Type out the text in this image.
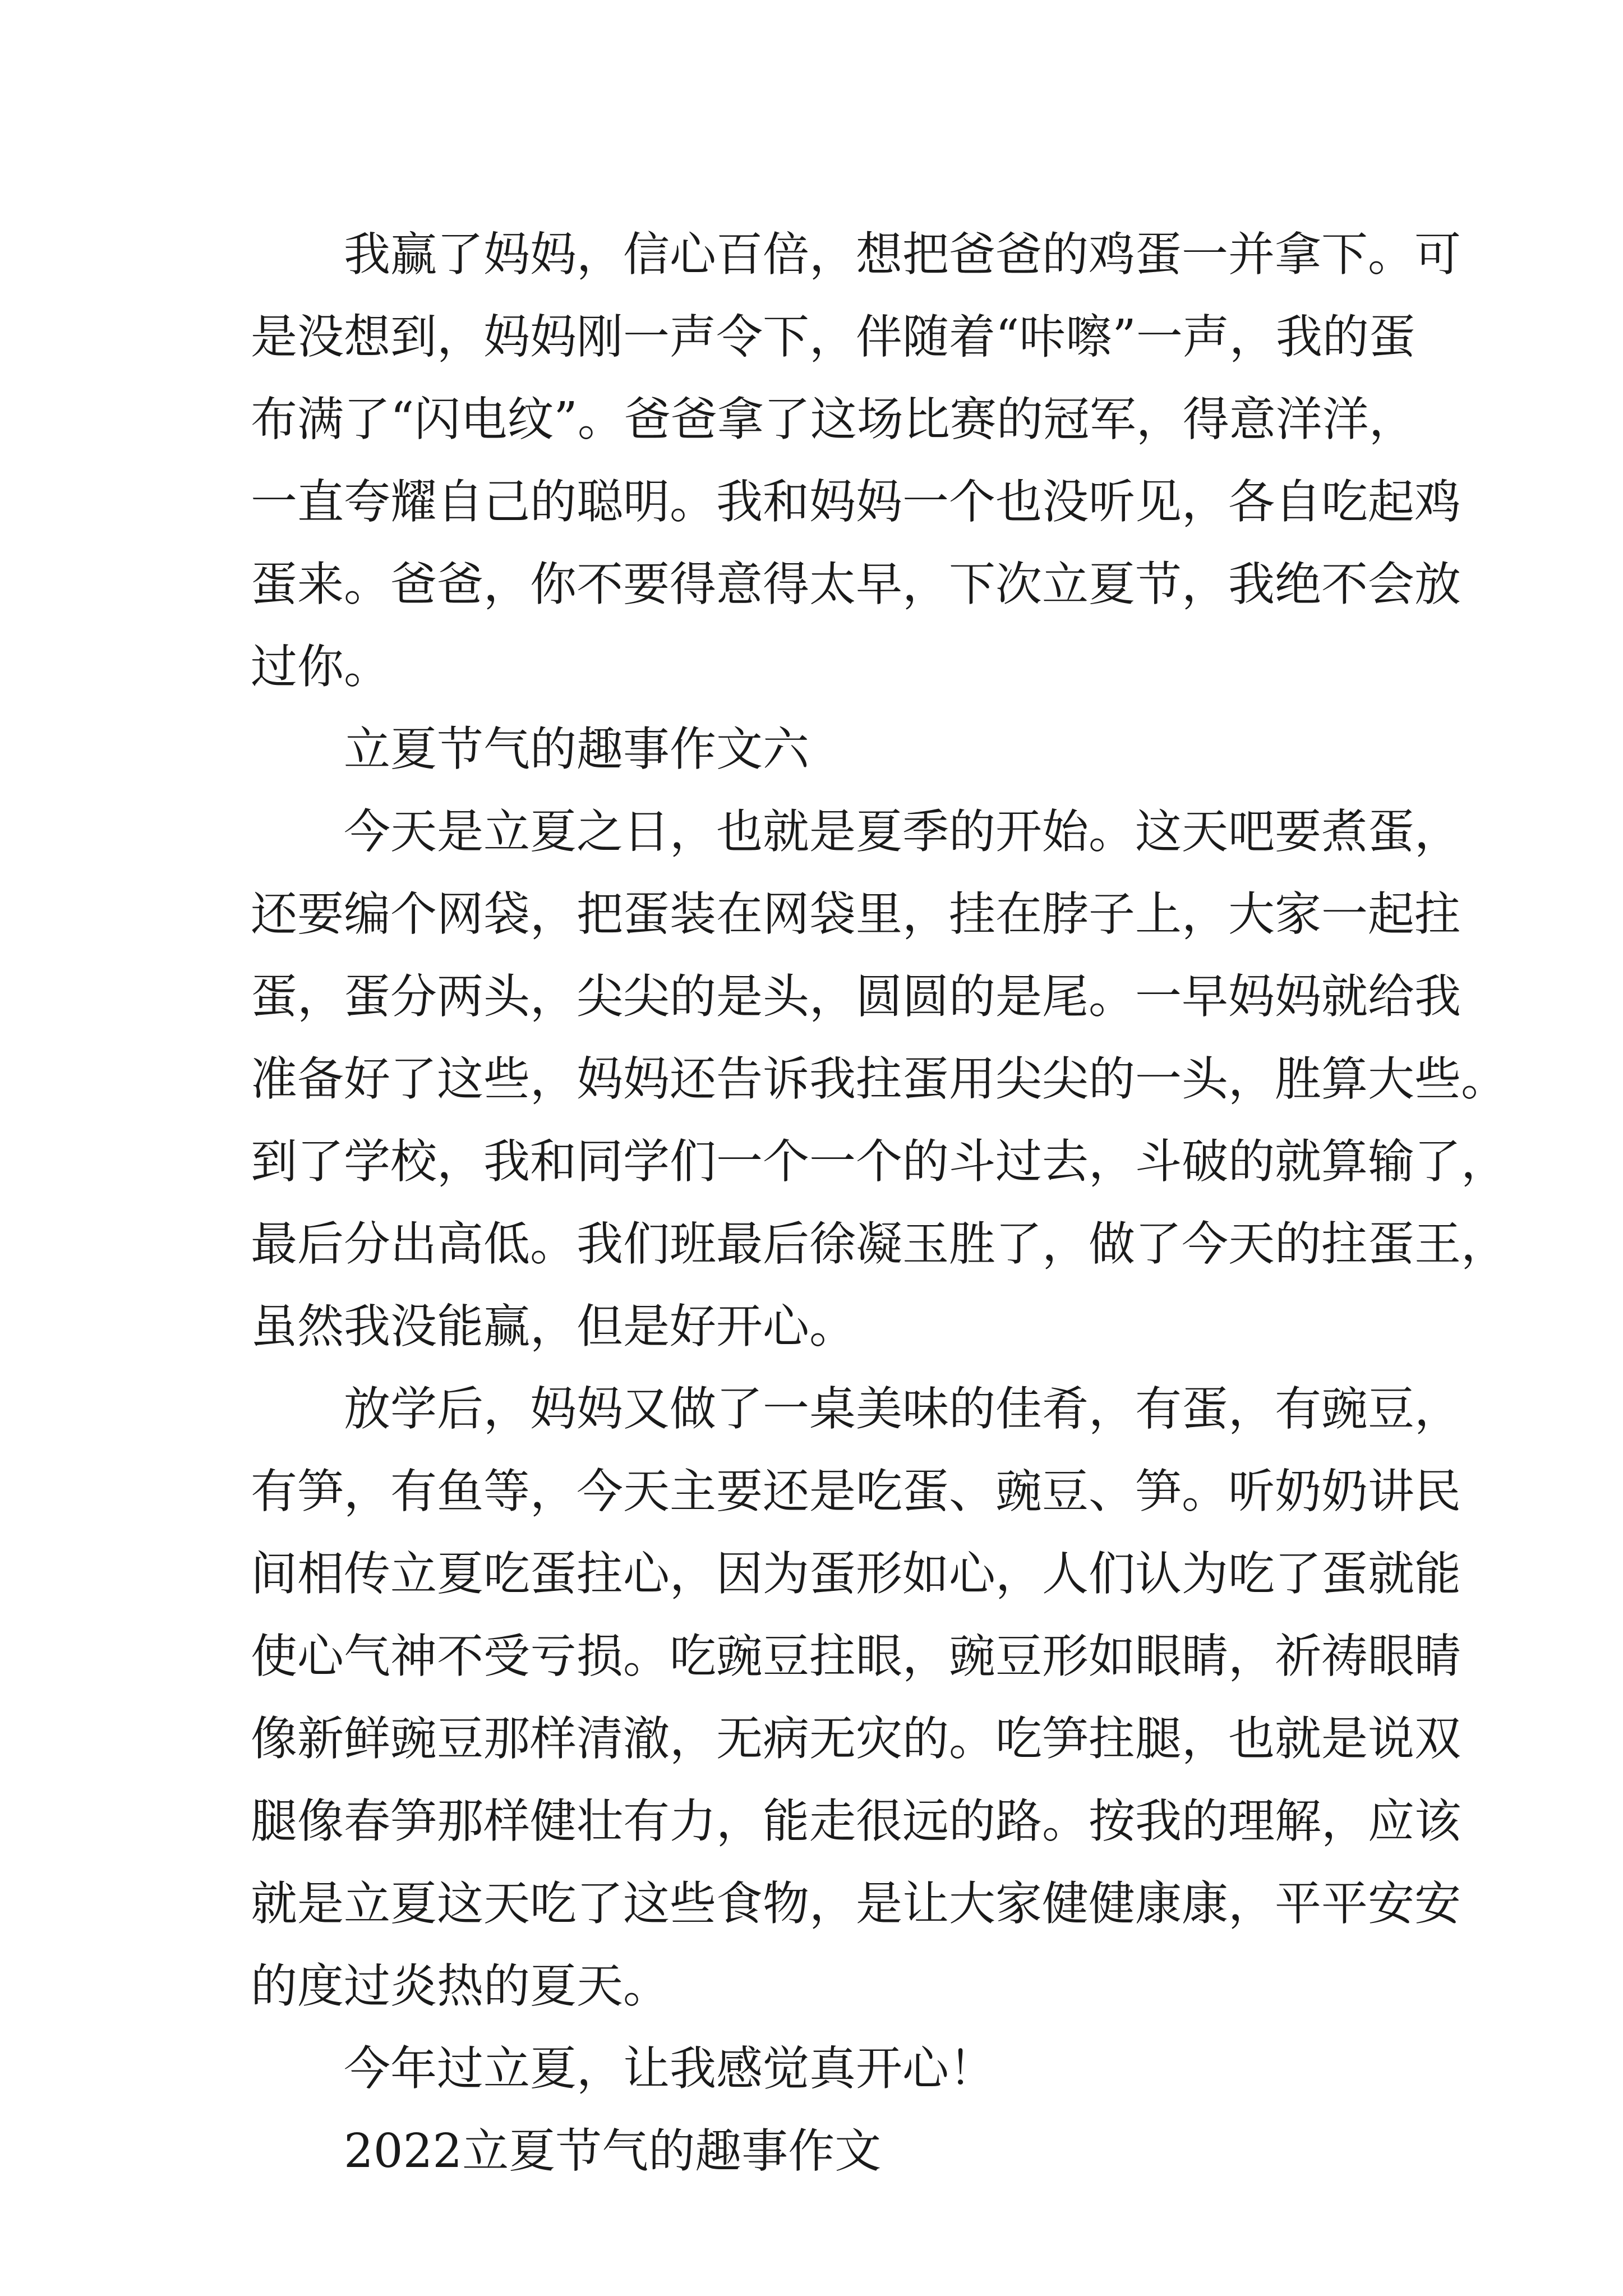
我赢了妈妈，信心百倍，想把爸爸的鸡蛋一并拿下。可
是没想到，妈妈刚一声令下，伴随着“咔嚓”一声，我的蛋
布满了“闪电纹”。爸爸拿了这场比赛的冠军，得意洋洋，
一直夸耀自己的聪明。我和妈妈一个也没听见，各自吃起鸡
蛋来。爸爸，你不要得意得太早，下次立夏节，我绝不会放
过你。
立夏节气的趣事作文六
今天是立夏之日，也就是夏季的开始。这天吧要煮蛋，
还要编个网袋，把蛋装在网袋里，挂在脖子上，大家一起拄
蛋，蛋分两头，尖尖的是头，圆圆的是尾。一早妈妈就给我
准备好了这些，妈妈还告诉我拄蛋用尖尖的一头，胜算大些。
到了学校，我和同学们一个一个的斗过去，斗破的就算输了，
最后分出高低。我们班最后徐凝玉胜了，做了今天的拄蛋王，
虽然我没能赢，但是好开心。
放学后，妈妈又做了一桌美味的佳肴，有蛋，有豌豆，
有笋，有鱼等，今天主要还是吃蛋、豌豆、笋。听奶奶讲民
间相传立夏吃蛋拄心，因为蛋形如心，人们认为吃了蛋就能
使心气神不受亏损。吃豌豆拄眼，豌豆形如眼睛，祈祷眼睛
像新鲜豌豆那样清澈，无病无灾的。吃笋拄腿，也就是说双
腿像春笋那样健壮有力，能走很远的路。按我的理解，应该
就是立夏这天吃了这些食物，是让大家健健康康，平平安安
的度过炎热的夏天。
今年过立夏，让我感觉真开心！
2022立夏节气的趣事作文
